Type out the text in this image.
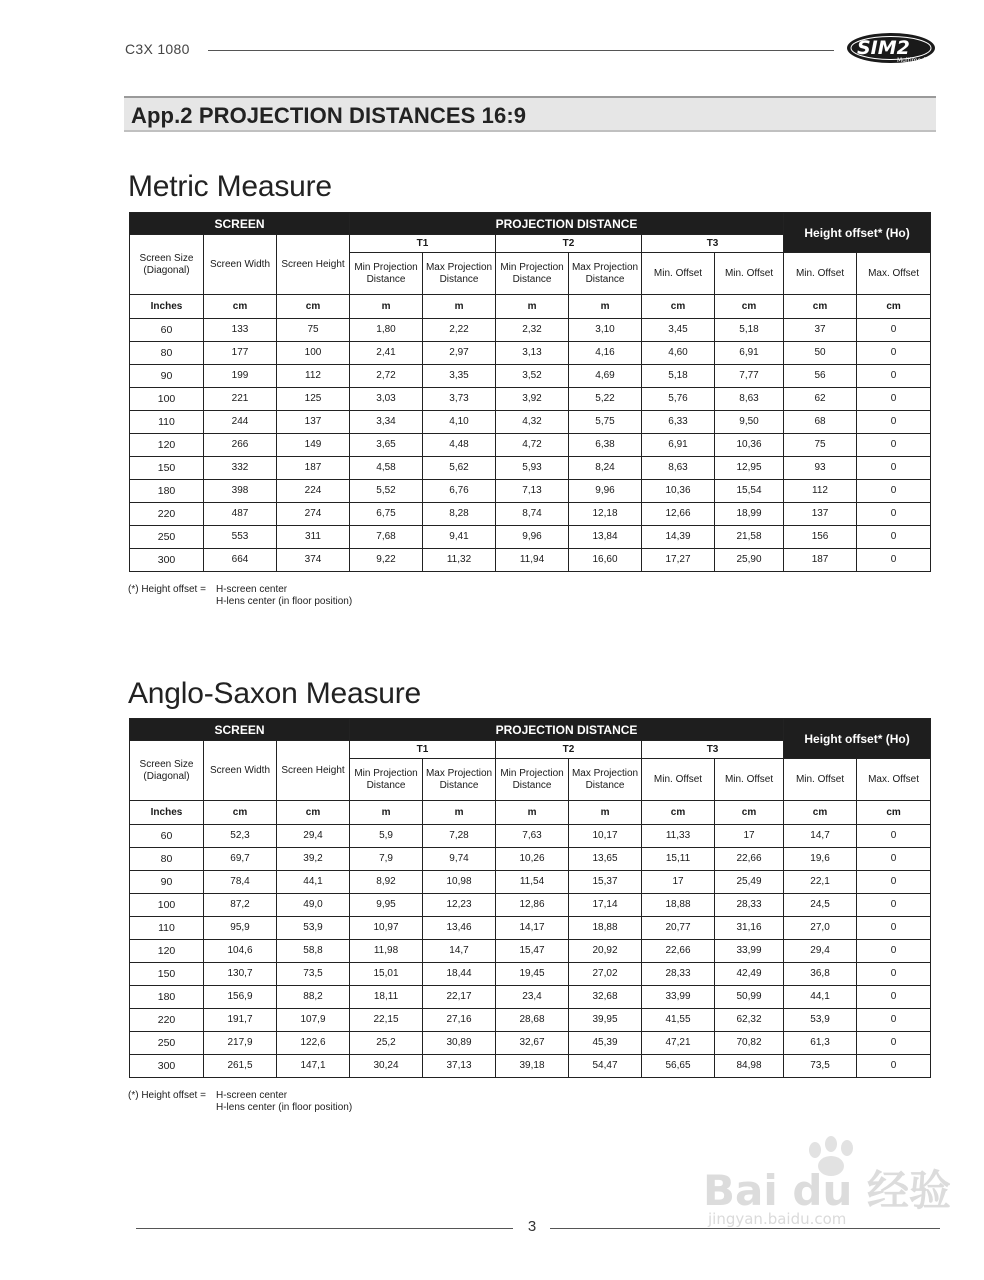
C3X 1080	SIM2
Multimedia
App.2 PROJECTION DISTANCES 16:9
Metric Measure
SCREEN			PROJECTION DISTANCE						Height offset* (Ho)	
Screen Size (Diagonal)	Screen Width	Screen Height	T1		T2		T3			
			Min Projection Distance	Max Projection Distance	Min Projection Distance	Max Projection Distance	Min. Offset	Min. Offset	Min. Offset	Max. Offset
Inches	cm	cm	m	m	m	m	cm	cm	cm	cm
60	133	75	1,80	2,22	2,32	3,10	3,45	5,18	37	0
80	177	100	2,41	2,97	3,13	4,16	4,60	6,91	50	0
90	199	112	2,72	3,35	3,52	4,69	5,18	7,77	56	0
100	221	125	3,03	3,73	3,92	5,22	5,76	8,63	62	0
110	244	137	3,34	4,10	4,32	5,75	6,33	9,50	68	0
120	266	149	3,65	4,48	4,72	6,38	6,91	10,36	75	0
150	332	187	4,58	5,62	5,93	8,24	8,63	12,95	93	0
180	398	224	5,52	6,76	7,13	9,96	10,36	15,54	112	0
220	487	274	6,75	8,28	8,74	12,18	12,66	18,99	137	0
250	553	311	7,68	9,41	9,96	13,84	14,39	21,58	156	0
300	664	374	9,22	11,32	11,94	16,60	17,27	25,90	187	0
(*) Height offset = H-screen center
H-lens center (in floor position)
Anglo-Saxon Measure
SCREEN			PROJECTION DISTANCE						Height offset* (Ho)	
Screen Size (Diagonal)	Screen Width	Screen Height	T1		T2		T3			
			Min Projection Distance	Max Projection Distance	Min Projection Distance	Max Projection Distance	Min. Offset	Min. Offset	Min. Offset	Max. Offset
Inches	cm	cm	m	m	m	m	cm	cm	cm	cm
60	52,3	29,4	5,9	7,28	7,63	10,17	11,33	17	14,7	0
80	69,7	39,2	7,9	9,74	10,26	13,65	15,11	22,66	19,6	0
90	78,4	44,1	8,92	10,98	11,54	15,37	17	25,49	22,1	0
100	87,2	49,0	9,95	12,23	12,86	17,14	18,88	28,33	24,5	0
110	95,9	53,9	10,97	13,46	14,17	18,88	20,77	31,16	27,0	0
120	104,6	58,8	11,98	14,7	15,47	20,92	22,66	33,99	29,4	0
150	130,7	73,5	15,01	18,44	19,45	27,02	28,33	42,49	36,8	0
180	156,9	88,2	18,11	22,17	23,4	32,68	33,99	50,99	44,1	0
220	191,7	107,9	22,15	27,16	28,68	39,95	41,55	62,32	53,9	0
250	217,9	122,6	25,2	30,89	32,67	45,39	47,21	70,82	61,3	0
300	261,5	147,1	30,24	37,13	39,18	54,47	56,65	84,98	73,5	0
(*) Height offset = H-screen center
H-lens center (in floor position)
Bai du 经验
jingyan.baidu.com
3
